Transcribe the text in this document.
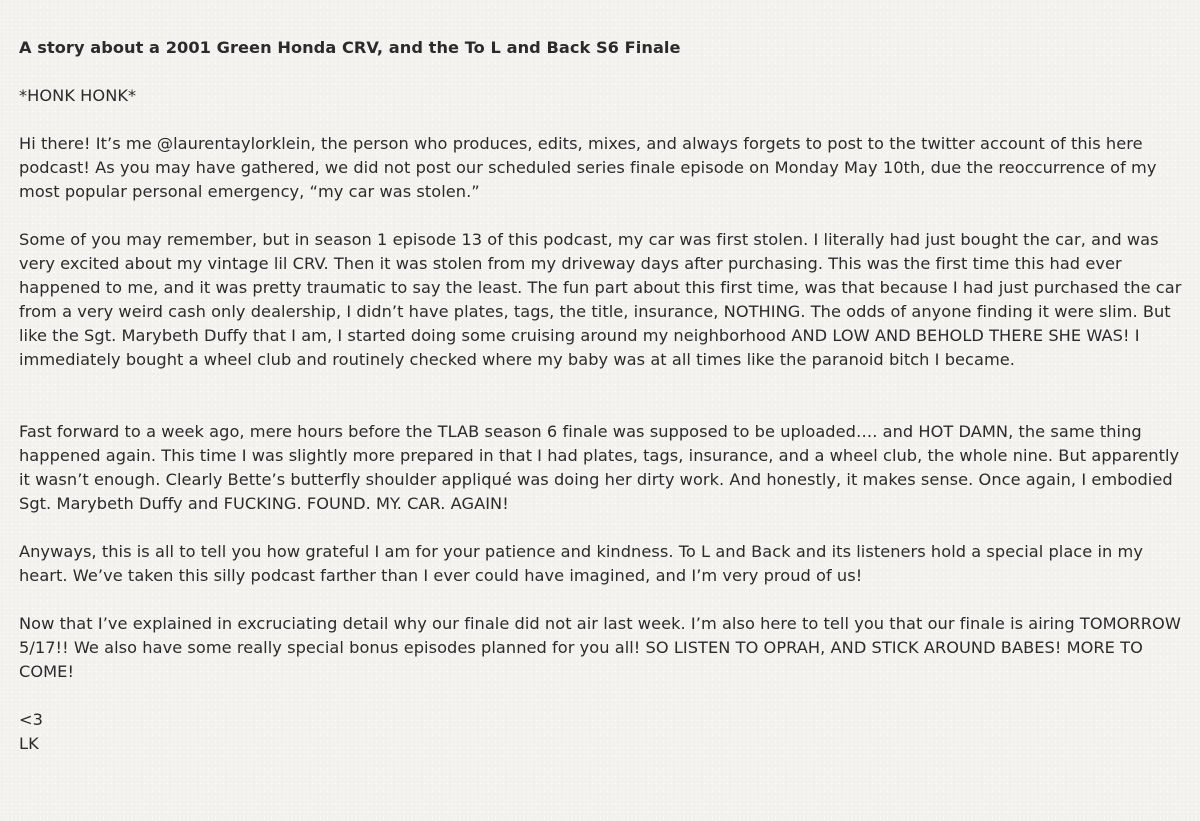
A story about a 2001 Green Honda CRV, and the To L and Back S6 Finale

*HONK HONK*

Hi there! It’s me @laurentaylorklein, the person who produces, edits, mixes, and always forgets to post to the twitter account of this here podcast! As you may have gathered, we did not post our scheduled series finale episode on Monday May 10th, due the reoccurrence of my most popular personal emergency, “my car was stolen.”

Some of you may remember, but in season 1 episode 13 of this podcast, my car was first stolen. I literally had just bought the car, and was very excited about my vintage lil CRV. Then it was stolen from my driveway days after purchasing. This was the first time this had ever happened to me, and it was pretty traumatic to say the least. The fun part about this first time, was that because I had just purchased the car from a very weird cash only dealership, I didn’t have plates, tags, the title, insurance, NOTHING. The odds of anyone finding it were slim. But like the Sgt. Marybeth Duffy that I am, I started doing some cruising around my neighborhood AND LOW AND BEHOLD THERE SHE WAS! I immediately bought a wheel club and routinely checked where my baby was at all times like the paranoid bitch I became.

Fast forward to a week ago, mere hours before the TLAB season 6 finale was supposed to be uploaded…. and HOT DAMN, the same thing happened again. This time I was slightly more prepared in that I had plates, tags, insurance, and a wheel club, the whole nine. But apparently it wasn’t enough. Clearly Bette’s butterfly shoulder appliqué was doing her dirty work. And honestly, it makes sense. Once again, I embodied Sgt. Marybeth Duffy and FUCKING. FOUND. MY. CAR. AGAIN!

Anyways, this is all to tell you how grateful I am for your patience and kindness. To L and Back and its listeners hold a special place in my heart. We’ve taken this silly podcast farther than I ever could have imagined, and I’m very proud of us!

Now that I’ve explained in excruciating detail why our finale did not air last week. I’m also here to tell you that our finale is airing TOMORROW 5/17!! We also have some really special bonus episodes planned for you all! SO LISTEN TO OPRAH, AND STICK AROUND BABES! MORE TO COME!

<3

LK
